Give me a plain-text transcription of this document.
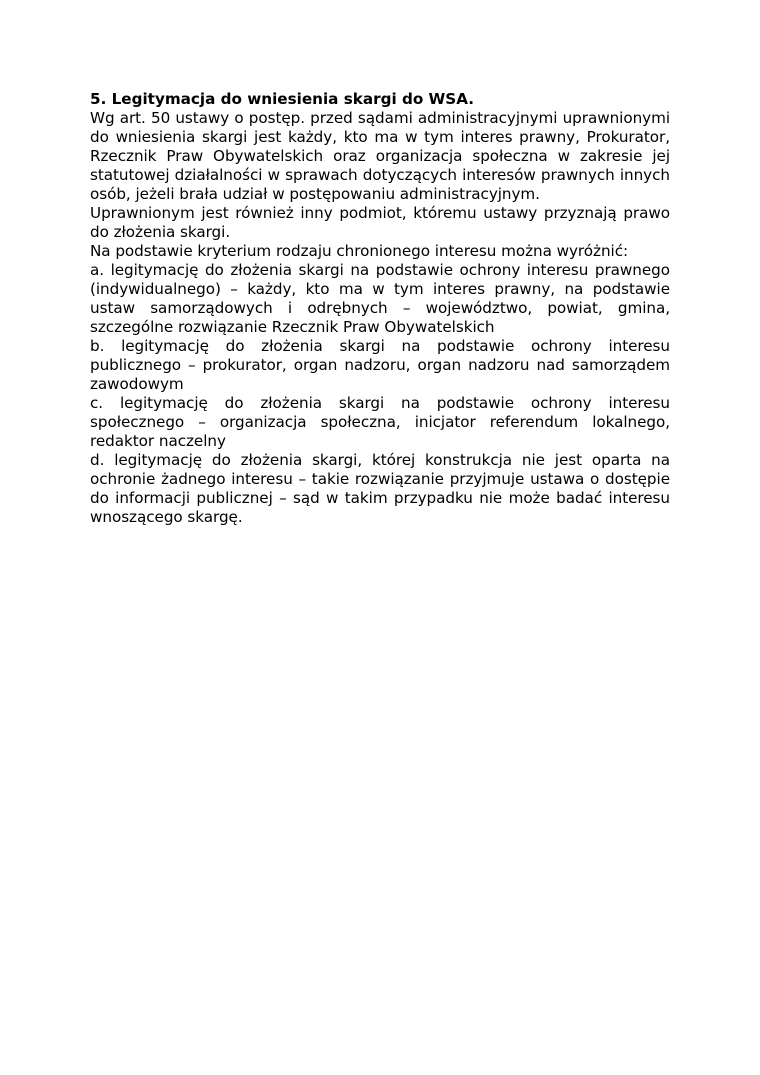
5. Legitymacja do wniesienia skargi do WSA.

Wg art. 50 ustawy o postęp. przed sądami administracyjnymi uprawnionymi do wniesienia skargi jest każdy, kto ma w tym interes prawny, Prokurator, Rzecznik Praw Obywatelskich oraz organizacja społeczna w zakresie jej statutowej działalności w sprawach dotyczących interesów prawnych innych osób, jeżeli brała udział w postępowaniu administracyjnym.

Uprawnionym jest również inny podmiot, któremu ustawy przyznają prawo do złożenia skargi.

Na podstawie kryterium rodzaju chronionego interesu można wyróżnić:

a. legitymację do złożenia skargi na podstawie ochrony interesu prawnego (indywidualnego) – każdy, kto ma w tym interes prawny, na podstawie ustaw samorządowych i odrębnych – województwo, powiat, gmina, szczególne rozwiązanie Rzecznik Praw Obywatelskich

b. legitymację do złożenia skargi na podstawie ochrony interesu publicznego – prokurator, organ nadzoru, organ nadzoru nad samorządem zawodowym

c. legitymację do złożenia skargi na podstawie ochrony interesu społecznego – organizacja społeczna, inicjator referendum lokalnego, redaktor naczelny

d. legitymację do złożenia skargi, której konstrukcja nie jest oparta na ochronie żadnego interesu – takie rozwiązanie przyjmuje ustawa o dostępie do informacji publicznej – sąd w takim przypadku nie może badać interesu wnoszącego skargę.
